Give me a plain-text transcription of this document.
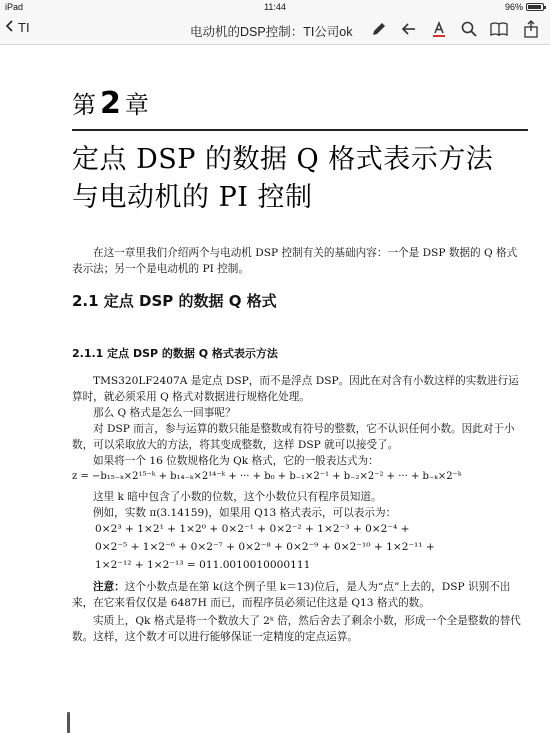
iPad	11:44	96%
TI	电动机的DSP控制：TI公司ok
第 2 章
定点 DSP 的数据 Q 格式表示方法
与电动机的 PI 控制
在这一章里我们介绍两个与电动机 DSP 控制有关的基础内容：一个是 DSP 数据的 Q 格式表示法；另一个是电动机的 PI 控制。
2.1 定点 DSP 的数据 Q 格式
2.1.1 定点 DSP 的数据 Q 格式表示方法
TMS320LF2407A 是定点 DSP，而不是浮点 DSP。因此在对含有小数这样的实数进行运算时，就必须采用 Q 格式对数据进行规格化处理。
那么 Q 格式是怎么一回事呢？
对 DSP 而言，参与运算的数只能是整数或有符号的整数，它不认识任何小数。因此对于小数，可以采取放大的方法，将其变成整数，这样 DSP 就可以接受了。
如果将一个 16 位数规格化为 Qk 格式，它的一般表达式为：
z = −b₁₅₋ₖ×2¹⁵⁻ᵏ + b₁₄₋ₖ×2¹⁴⁻ᵏ + ··· + b₀ + b₋₁×2⁻¹ + b₋₂×2⁻² + ··· + b₋ₖ×2⁻ᵏ
这里 k 暗中包含了小数的位数，这个小数位只有程序员知道。
例如，实数 π(3.14159)，如果用 Q13 格式表示，可以表示为：
0×2³ + 1×2¹ + 1×2⁰ + 0×2⁻¹ + 0×2⁻² + 1×2⁻³ + 0×2⁻⁴ +
0×2⁻⁵ + 1×2⁻⁶ + 0×2⁻⁷ + 0×2⁻⁸ + 0×2⁻⁹ + 0×2⁻¹⁰ + 1×2⁻¹¹ +
1×2⁻¹² + 1×2⁻¹³ = 011.0010010000111
注意：这个小数点是在第 k(这个例子里 k＝13)位后，是人为“点”上去的，DSP 识别不出来，在它来看仅仅是 6487H 而已，而程序员必须记住这是 Q13 格式的数。
实质上，Qk 格式是将一个数放大了 2ᵏ 倍，然后舍去了剩余小数，形成一个全是整数的替代数。这样，这个数才可以进行能够保证一定精度的定点运算。
